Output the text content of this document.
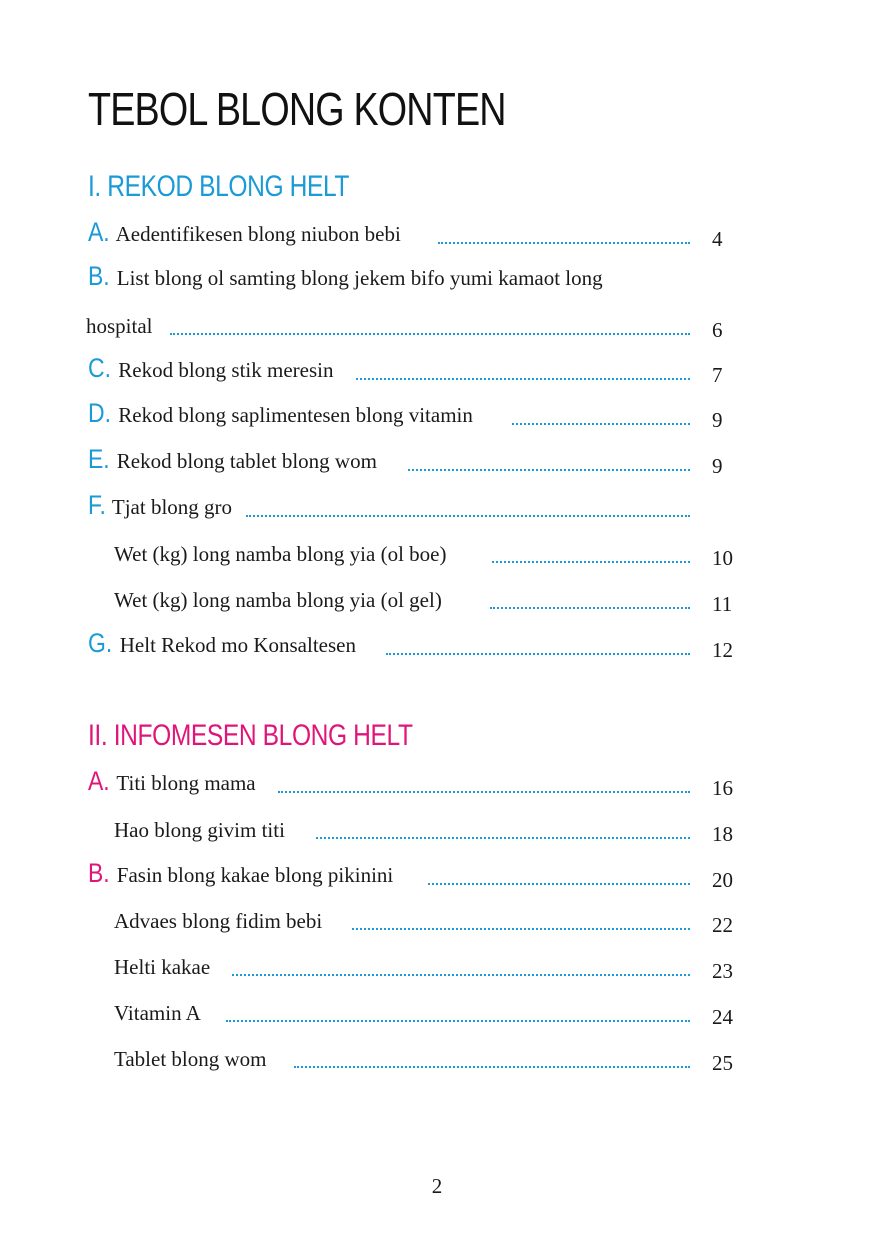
TEBOL BLONG KONTEN
I. REKOD BLONG HELT
A. Aedentifikesen blong niubon bebi	4
B. List blong ol samting blong jekem bifo yumi kamaot long
hospital	6
C. Rekod blong stik meresin	7
D. Rekod blong saplimentesen blong vitamin	9
E. Rekod blong tablet blong wom	9
F. Tjat blong gro
Wet (kg) long namba blong yia (ol boe)	10
Wet (kg) long namba blong yia (ol gel)	11
G. Helt Rekod mo Konsaltesen	12
II. INFOMESEN BLONG HELT
A. Titi blong mama	16
Hao blong givim titi	18
B. Fasin blong kakae blong pikinini	20
Advaes blong fidim bebi	22
Helti kakae	23
Vitamin A	24
Tablet blong wom	25
2
